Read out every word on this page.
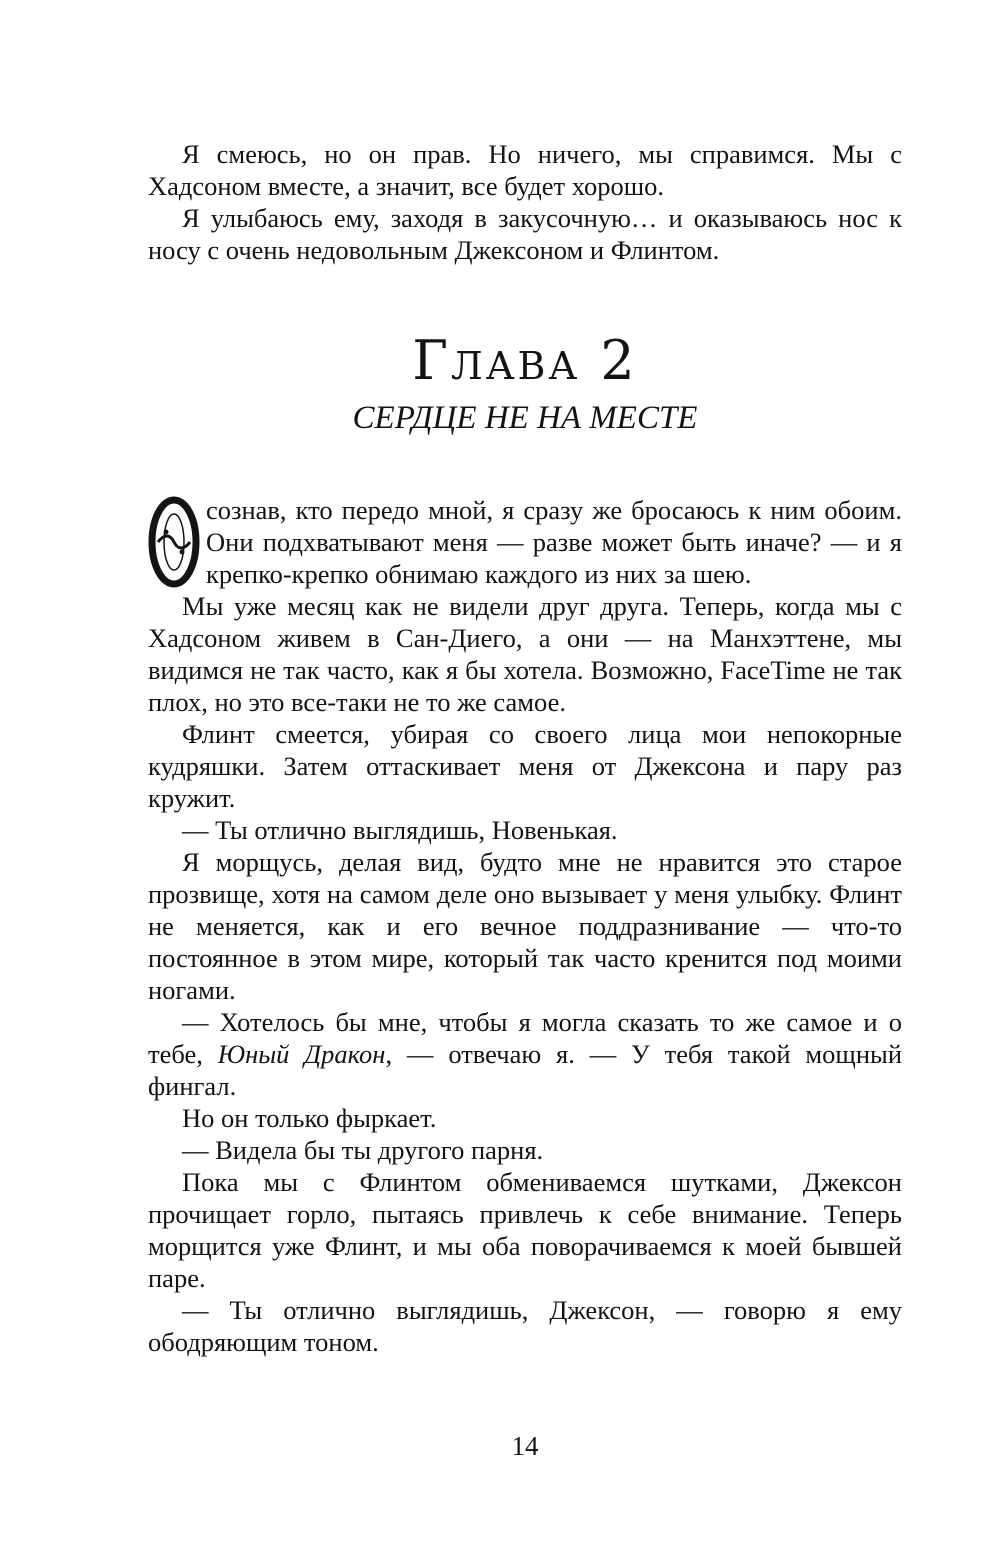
Я смеюсь, но он прав. Но ничего, мы справимся. Мы с Хадсоном вместе, а значит, все будет хорошо.

Я улыбаюсь ему, заходя в закусочную… и оказываюсь нос к носу с очень недовольным Джексоном и Флинтом.

Глава 2
СЕРДЦЕ НЕ НА МЕСТЕ

сознав, кто передо мной, я сразу же бросаюсь к ним обоим. Они подхватывают меня — разве может быть иначе? — и я крепко-крепко обнимаю каждого из них за шею.

Мы уже месяц как не видели друг друга. Теперь, когда мы с Хадсоном живем в Сан-Диего, а они — на Манхэттене, мы видимся не так часто, как я бы хотела. Возможно, FaceTime не так плох, но это все-таки не то же самое.

Флинт смеется, убирая со своего лица мои непокорные кудряшки. Затем оттаскивает меня от Джексона и пару раз кружит.

— Ты отлично выглядишь, Новенькая.

Я морщусь, делая вид, будто мне не нравится это старое прозвище, хотя на самом деле оно вызывает у меня улыбку. Флинт не меняется, как и его вечное поддразнивание — что-то постоянное в этом мире, который так часто кренится под моими ногами.

— Хотелось бы мне, чтобы я могла сказать то же самое и о тебе, Юный Дракон, — отвечаю я. — У тебя такой мощный фингал.

Но он только фыркает.

— Видела бы ты другого парня.

Пока мы с Флинтом обмениваемся шутками, Джексон прочищает горло, пытаясь привлечь к себе внимание. Теперь морщится уже Флинт, и мы оба поворачиваемся к моей бывшей паре.

— Ты отлично выглядишь, Джексон, — говорю я ему ободряющим тоном.

14
